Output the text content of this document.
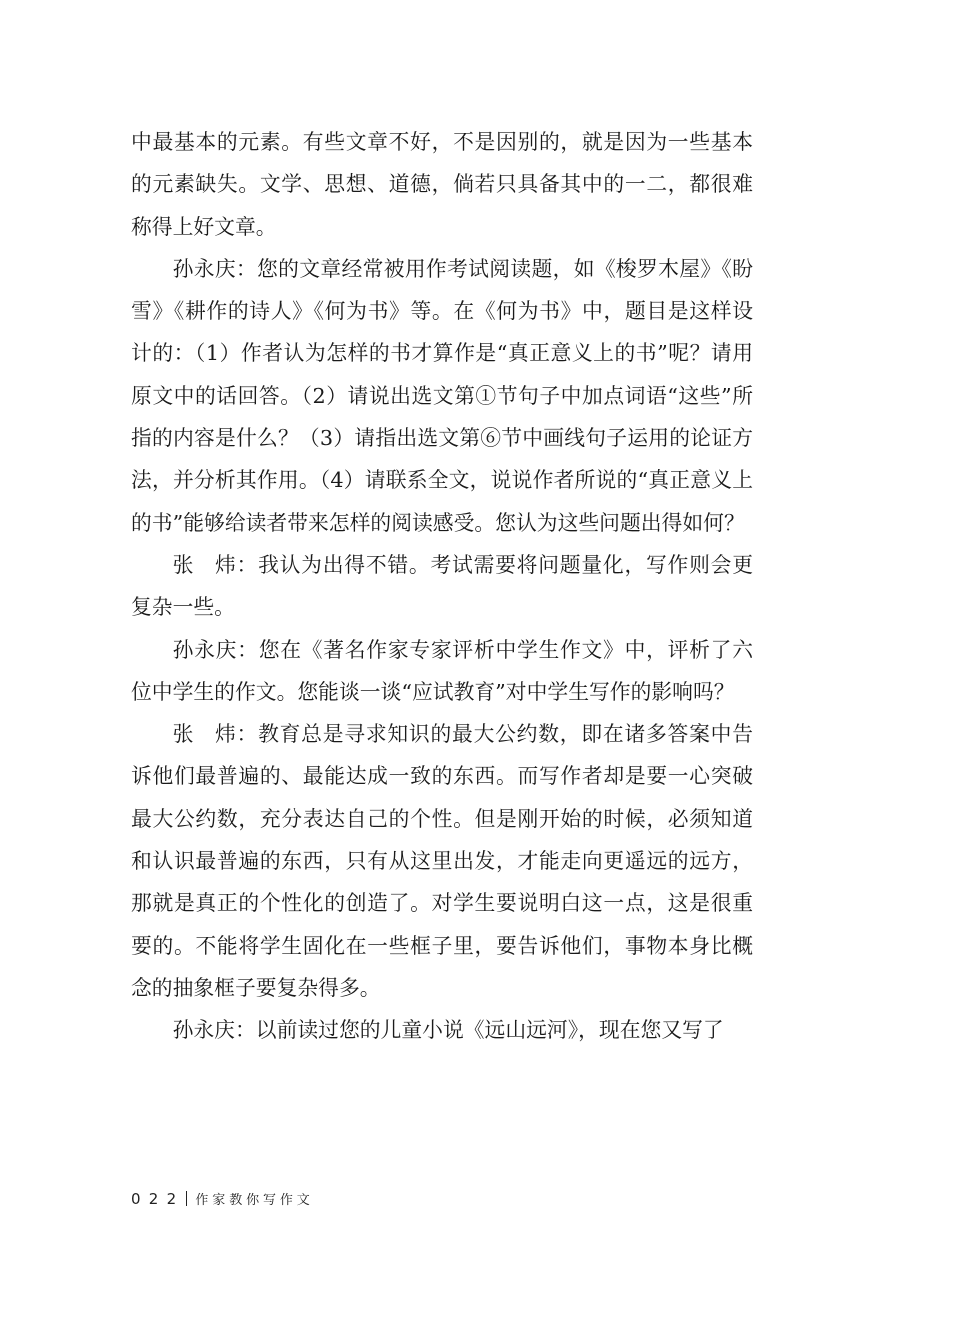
中最基本的元素。有些文章不好，不是因别的，就是因为一些基本的元素缺失。文学、思想、道德，倘若只具备其中的一二，都很难称得上好文章。

孙永庆：您的文章经常被用作考试阅读题，如《梭罗木屋》《盼雪》《耕作的诗人》《何为书》等。在《何为书》中，题目是这样设计的：（1）作者认为怎样的书才算作是“真正意义上的书”呢？请用原文中的话回答。（2）请说出选文第①节句子中加点词语“这些”所指的内容是什么？（3）请指出选文第⑥节中画线句子运用的论证方法，并分析其作用。（4）请联系全文，说说作者所说的“真正意义上的书”能够给读者带来怎样的阅读感受。您认为这些问题出得如何？

张炜：我认为出得不错。考试需要将问题量化，写作则会更复杂一些。

孙永庆：您在《著名作家专家评析中学生作文》中，评析了六位中学生的作文。您能谈一谈“应试教育”对中学生写作的影响吗？

张炜：教育总是寻求知识的最大公约数，即在诸多答案中告诉他们最普遍的、最能达成一致的东西。而写作者却是要一心突破最大公约数，充分表达自己的个性。但是刚开始的时候，必须知道和认识最普遍的东西，只有从这里出发，才能走向更遥远的远方，那就是真正的个性化的创造了。对学生要说明白这一点，这是很重要的。不能将学生固化在一些框子里，要告诉他们，事物本身比概念的抽象框子要复杂得多。

孙永庆：以前读过您的儿童小说《远山远河》，现在您又写了

022 作家教你写作文
